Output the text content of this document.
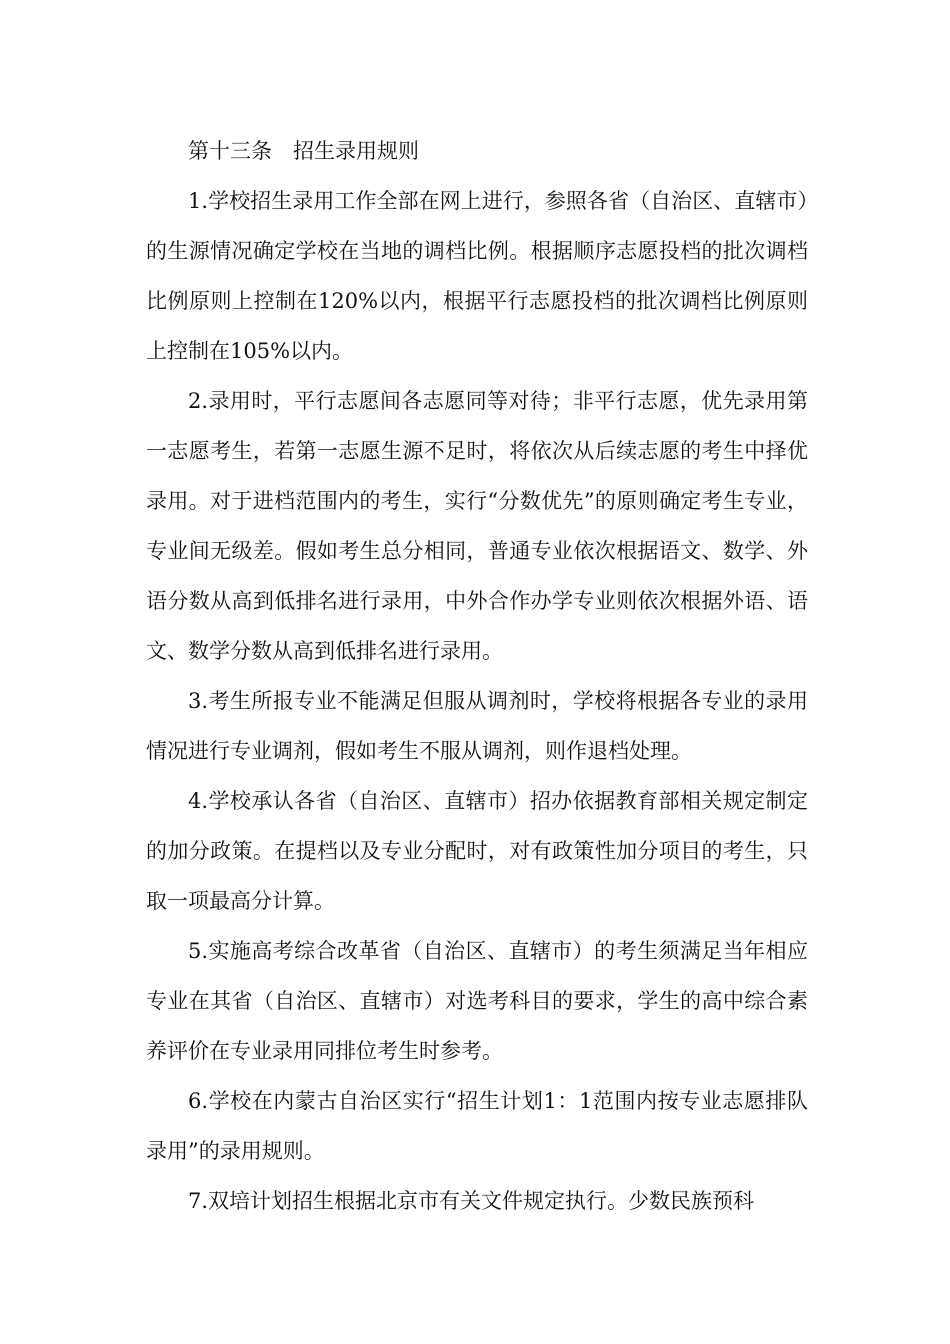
第十三条　招生录用规则

1.学校招生录用工作全部在网上进行，参照各省（自治区、直辖市）的生源情况确定学校在当地的调档比例。根据顺序志愿投档的批次调档比例原则上控制在120%以内，根据平行志愿投档的批次调档比例原则上控制在105%以内。

2.录用时，平行志愿间各志愿同等对待；非平行志愿，优先录用第一志愿考生，若第一志愿生源不足时，将依次从后续志愿的考生中择优录用。对于进档范围内的考生，实行“分数优先”的原则确定考生专业，专业间无级差。假如考生总分相同，普通专业依次根据语文、数学、外语分数从高到低排名进行录用，中外合作办学专业则依次根据外语、语文、数学分数从高到低排名进行录用。

3.考生所报专业不能满足但服从调剂时，学校将根据各专业的录用情况进行专业调剂，假如考生不服从调剂，则作退档处理。

4.学校承认各省（自治区、直辖市）招办依据教育部相关规定制定的加分政策。在提档以及专业分配时，对有政策性加分项目的考生，只取一项最高分计算。

5.实施高考综合改革省（自治区、直辖市）的考生须满足当年相应专业在其省（自治区、直辖市）对选考科目的要求，学生的高中综合素养评价在专业录用同排位考生时参考。

6.学校在内蒙古自治区实行“招生计划1：1范围内按专业志愿排队录用”的录用规则。

7.双培计划招生根据北京市有关文件规定执行。少数民族预科
